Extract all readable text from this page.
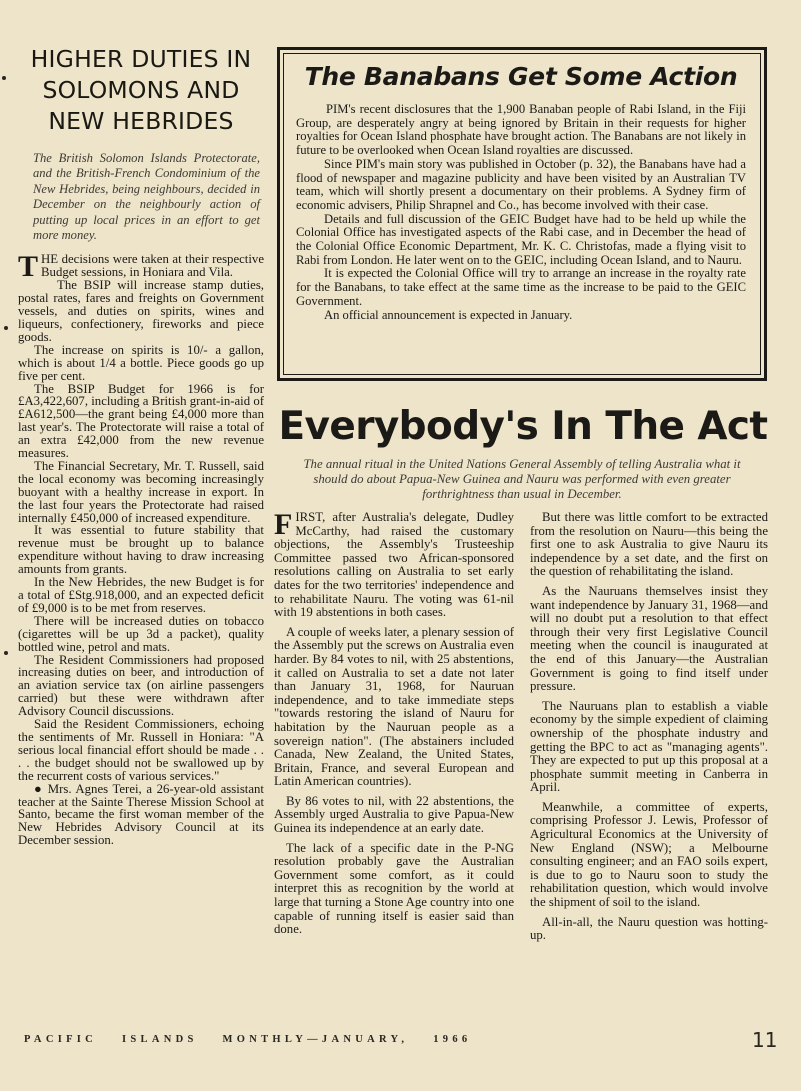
HIGHER DUTIES IN
SOLOMONS AND
NEW HEBRIDES

The British Solomon Islands Protectorate, and the British-French Condominium of the New Hebrides, being neighbours, decided in December on the neighbourly action of putting up local prices in an effort to get more money.

THE decisions were taken at their respective Budget sessions, in Honiara and Vila.

The BSIP will increase stamp duties, postal rates, fares and freights on Government vessels, and duties on spirits, wines and liqueurs, confectionery, fireworks and piece goods.

The increase on spirits is 10/- a gallon, which is about 1/4 a bottle. Piece goods go up five per cent.

The BSIP Budget for 1966 is for £A3,422,607, including a British grant-in-aid of £A612,500—the grant being £4,000 more than last year's. The Protectorate will raise a total of an extra £42,000 from the new revenue measures.

The Financial Secretary, Mr. T. Russell, said the local economy was becoming increasingly buoyant with a healthy increase in export. In the last four years the Protectorate had raised internally £450,000 of increased expenditure.

It was essential to future stability that revenue must be brought up to balance expenditure without having to draw increasing amounts from grants.

In the New Hebrides, the new Budget is for a total of £Stg.918,000, and an expected deficit of £9,000 is to be met from reserves.

There will be increased duties on tobacco (cigarettes will be up 3d a packet), quality bottled wine, petrol and mats.

The Resident Commissioners had proposed increasing duties on beer, and introduction of an aviation service tax (on airline passengers carried) but these were withdrawn after Advisory Council discussions.

Said the Resident Commissioners, echoing the sentiments of Mr. Russell in Honiara: "A serious local financial effort should be made . . . . the budget should not be swallowed up by the recurrent costs of various services."

● Mrs. Agnes Terei, a 26-year-old assistant teacher at the Sainte Therese Mission School at Santo, became the first woman member of the New Hebrides Advisory Council at its December session.

The Banabans Get Some Action

PIM's recent disclosures that the 1,900 Banaban people of Rabi Island, in the Fiji Group, are desperately angry at being ignored by Britain in their requests for higher royalties for Ocean Island phosphate have brought action. The Banabans are not likely in future to be overlooked when Ocean Island royalties are discussed.

Since PIM's main story was published in October (p. 32), the Banabans have had a flood of newspaper and magazine publicity and have been visited by an Australian TV team, which will shortly present a documentary on their problems. A Sydney firm of economic advisers, Philip Shrapnel and Co., has become involved with their case.

Details and full discussion of the GEIC Budget have had to be held up while the Colonial Office has investigated aspects of the Rabi case, and in December the head of the Colonial Office Economic Department, Mr. K. C. Christofas, made a flying visit to Rabi from London. He later went on to the GEIC, including Ocean Island, and to Nauru.

It is expected the Colonial Office will try to arrange an increase in the royalty rate for the Banabans, to take effect at the same time as the increase to be paid to the GEIC Government.

An official announcement is expected in January.

Everybody's In The Act

The annual ritual in the United Nations General Assembly of telling Australia what it should do about Papua-New Guinea and Nauru was performed with even greater forthrightness than usual in December.

FIRST, after Australia's delegate, Dudley McCarthy, had raised the customary objections, the Assembly's Trusteeship Committee passed two African-sponsored resolutions calling on Australia to set early dates for the two territories' independence and to rehabilitate Nauru. The voting was 61-nil with 19 abstentions in both cases.

A couple of weeks later, a plenary session of the Assembly put the screws on Australia even harder. By 84 votes to nil, with 25 abstentions, it called on Australia to set a date not later than January 31, 1968, for Nauruan independence, and to take immediate steps "towards restoring the island of Nauru for habitation by the Nauruan people as a sovereign nation". (The abstainers included Canada, New Zealand, the United States, Britain, France, and several European and Latin American countries).

By 86 votes to nil, with 22 abstentions, the Assembly urged Australia to give Papua-New Guinea its independence at an early date.

The lack of a specific date in the P-NG resolution probably gave the Australian Government some comfort, as it could interpret this as recognition by the world at large that turning a Stone Age country into one capable of running itself is easier said than done.

But there was little comfort to be extracted from the resolution on Nauru—this being the first one to ask Australia to give Nauru its independence by a set date, and the first on the question of rehabilitating the island.

As the Nauruans themselves insist they want independence by January 31, 1968—and will no doubt put a resolution to that effect through their very first Legislative Council meeting when the council is inaugurated at the end of this January—the Australian Government is going to find itself under pressure.

The Nauruans plan to establish a viable economy by the simple expedient of claiming ownership of the phosphate industry and getting the BPC to act as "managing agents". They are expected to put up this proposal at a phosphate summit meeting in Canberra in April.

Meanwhile, a committee of experts, comprising Professor J. Lewis, Professor of Agricultural Economics at the University of New England (NSW); a Melbourne consulting engineer; and an FAO soils expert, is due to go to Nauru soon to study the rehabilitation question, which would involve the shipment of soil to the island.

All-in-all, the Nauru question was hotting-up.

PACIFIC ISLANDS MONTHLY—JANUARY, 1966	11
